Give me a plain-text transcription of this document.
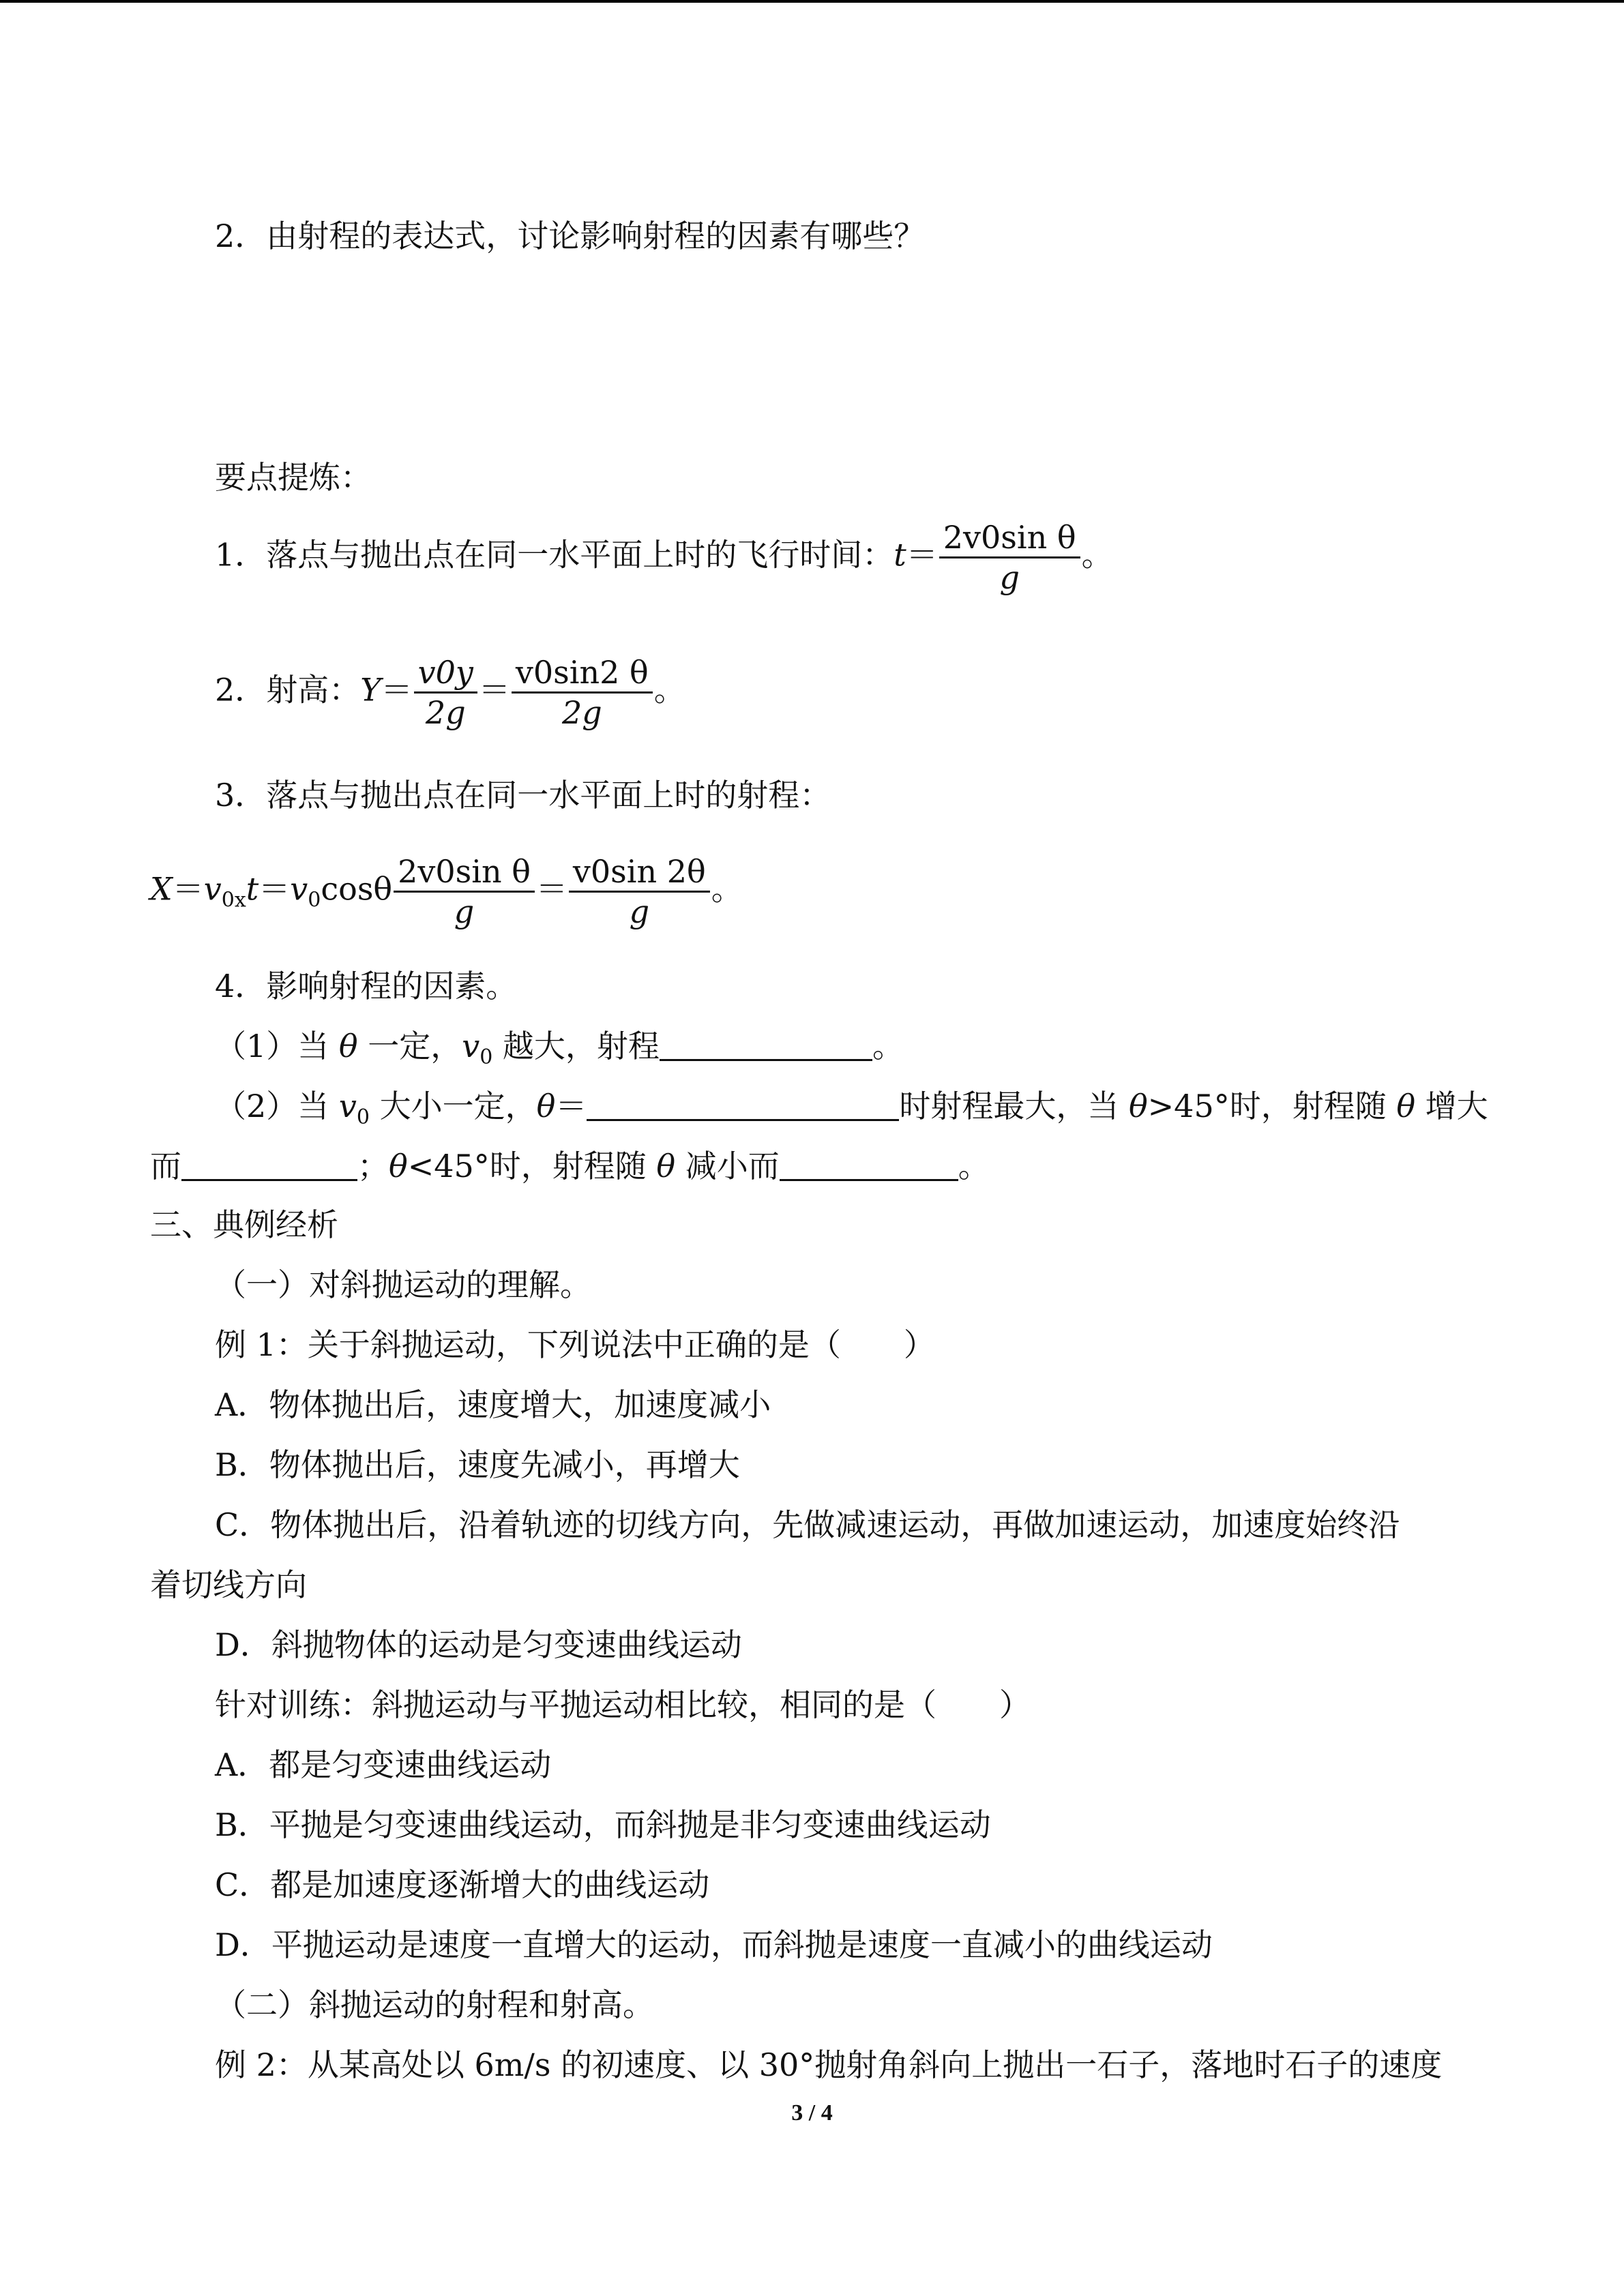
2．由射程的表达式，讨论影响射程的因素有哪些？
要点提炼：
1．落点与抛出点在同一水平面上时的飞行时间：$t= \frac{\text{2v0sin θ}}{g}$ 。
2．射高：$Y= \frac{v0y}{2g} = \frac{v0\sin 2 \theta}{2g}$ 。
3．落点与抛出点在同一水平面上时的射程：
$X=v_{0x}t=v_0\cos\theta \frac{\text{2v0sin θ}}{g} = \frac{v0\sin 2\theta}{g}$ 。
4．影响射程的因素。
（1）当 θ 一定，$v_0$ 越大，射程	。
（2）当 $v_0$ 大小一定，θ＝	时射程最大，当 θ>45°时，射程随 θ 增大
而	；θ<45°时，射程随 θ 减小而	。
三、典例经析
（一）对斜抛运动的理解。
例 1：关于斜抛运动，下列说法中正确的是（　　）
A．物体抛出后，速度增大，加速度减小
B．物体抛出后，速度先减小，再增大
C．物体抛出后，沿着轨迹的切线方向，先做减速运动，再做加速运动，加速度始终沿
着切线方向
D．斜抛物体的运动是匀变速曲线运动
针对训练：斜抛运动与平抛运动相比较，相同的是（　　）
A．都是匀变速曲线运动
B．平抛是匀变速曲线运动，而斜抛是非匀变速曲线运动
C．都是加速度逐渐增大的曲线运动
D．平抛运动是速度一直增大的运动，而斜抛是速度一直减小的曲线运动
（二）斜抛运动的射程和射高。
例 2：从某高处以 6m/s 的初速度、以 30°抛射角斜向上抛出一石子，落地时石子的速度
3 / 4
